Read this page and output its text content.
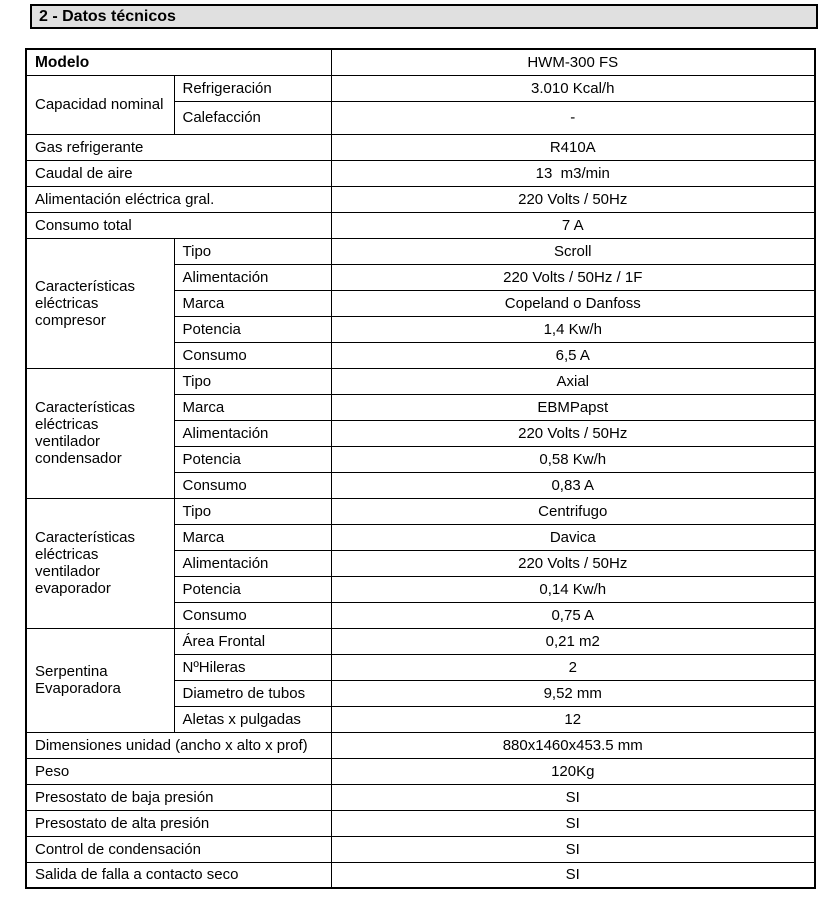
2 - Datos técnicos
Modelo		HWM-300 FS
Capacidad nominal	Refrigeración	3.010 Kcal/h
	Calefacción	-
Gas refrigerante		R410A
Caudal de aire		13  m3/min
Alimentación eléctrica gral.		220 Volts / 50Hz
Consumo total		7 A
Características eléctricas compresor	Tipo	Scroll
	Alimentación	220 Volts / 50Hz / 1F
	Marca	Copeland o Danfoss
	Potencia	1,4 Kw/h
	Consumo	6,5 A
Características eléctricas ventilador condensador	Tipo	Axial
	Marca	EBMPapst
	Alimentación	220 Volts / 50Hz
	Potencia	0,58 Kw/h
	Consumo	0,83 A
Características eléctricas ventilador evaporador	Tipo	Centrifugo
	Marca	Davica
	Alimentación	220 Volts / 50Hz
	Potencia	0,14 Kw/h
	Consumo	0,75 A
Serpentina Evaporadora	Área Frontal	0,21 m2
	NºHileras	2
	Diametro de tubos	9,52 mm
	Aletas x pulgadas	12
Dimensiones unidad (ancho x alto x prof)		880x1460x453.5 mm
Peso		120Kg
Presostato de baja presión		SI
Presostato de alta presión		SI
Control de condensación		SI
Salida de falla a contacto seco		SI
